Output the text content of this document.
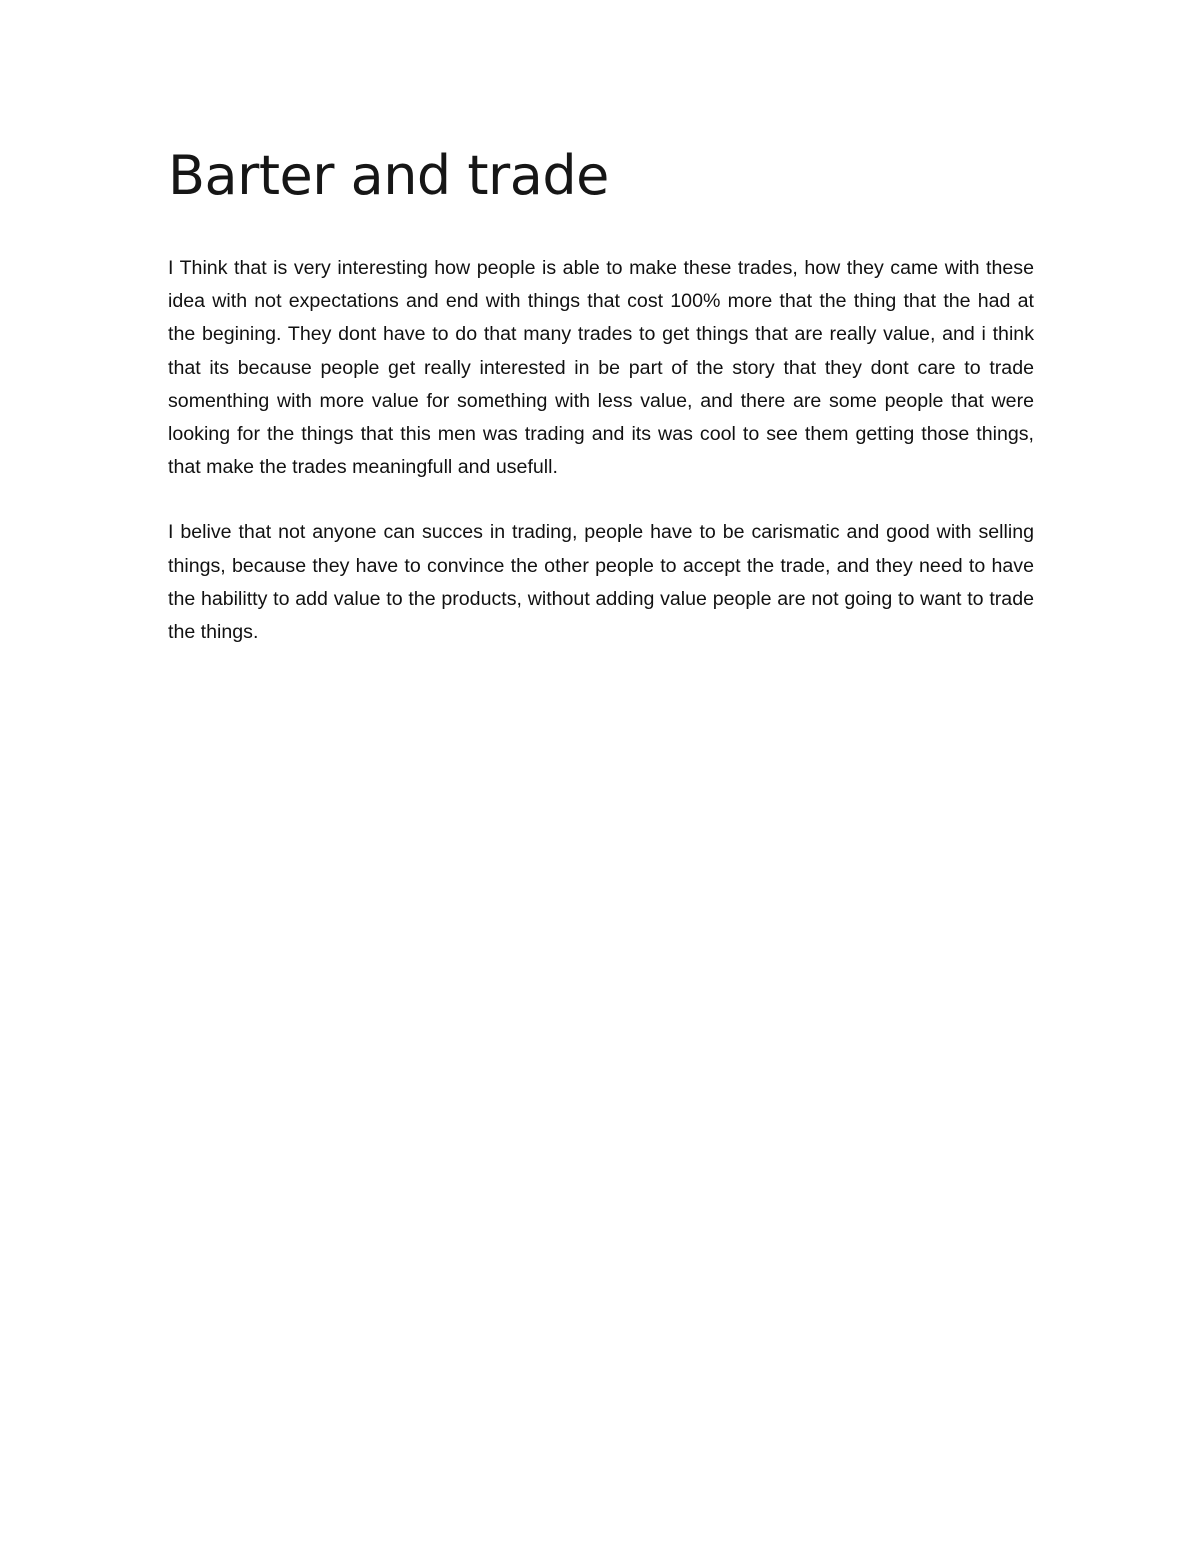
Barter and trade

I Think that is very interesting how people is able to make these trades, how they came with these idea with not expectations and end with things that cost 100% more that the thing that the had at the begining. They dont have to do that many trades to get things that are really value, and i think that its because people get really interested in be part of the story that they dont care to trade somenthing with more value for something with less value, and there are some people that were looking for the things that this men was trading and its was cool to see them getting those things, that make the trades meaningfull and usefull.

I belive that not anyone can succes in trading, people have to be carismatic and good with selling things, because they have to convince the other people to accept the trade, and they need to have the habilitty to add value to the products, without adding value people are not going to want to trade the things.
